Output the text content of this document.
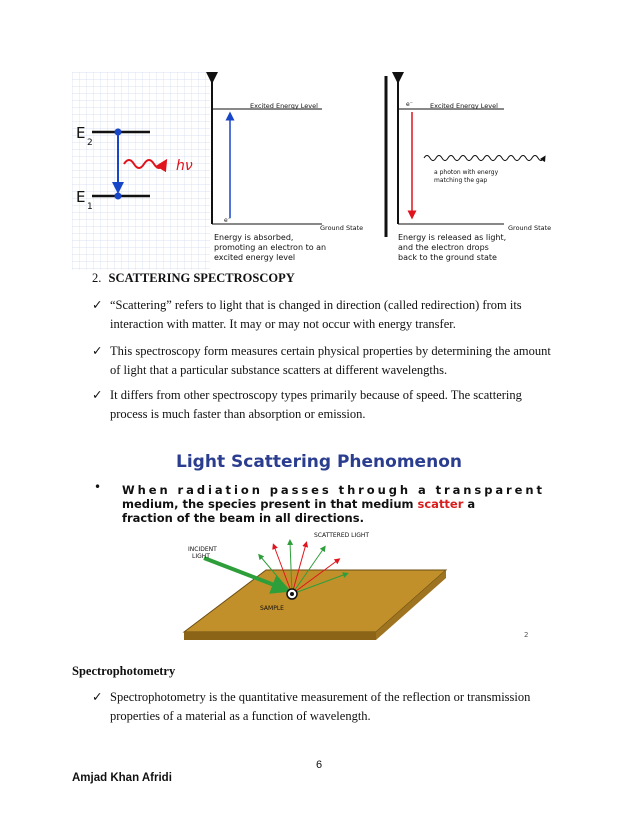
E
2
E
1
hν
Excited Energy Level
Ground State
e⁻
Energy is absorbed,
promoting an electron to an
excited energy level
Excited Energy Level
Ground State
e⁻
a photon with energy
matching the gap
Energy is released as light,
and the electron drops
back to the ground state
2. SCATTERING SPECTROSCOPY
✓ “Scattering” refers to light that is changed in direction (called redirection) from its
interaction with matter. It may or may not occur with energy transfer.
✓ This spectroscopy form measures certain physical properties by determining the amount
of light that a particular substance scatters at different wavelengths.
✓ It differs from other spectroscopy types primarily because of speed. The scattering
process is much faster than absorption or emission.
Light Scattering Phenomenon
• When radiation passes through a transparent
medium, the species present in that medium scatter a
fraction of the beam in all directions.
INCIDENT
LIGHT
SCATTERED LIGHT
SAMPLE
2
Spectrophotometry
✓ Spectrophotometry is the quantitative measurement of the reflection or transmission
properties of a material as a function of wavelength.
6
Amjad Khan Afridi
